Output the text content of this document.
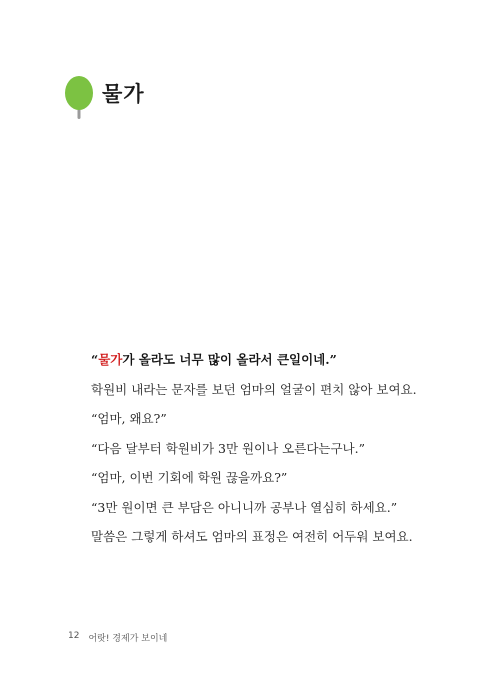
물가

“물가가 올라도 너무 많이 올라서 큰일이네.”

학원비 내라는 문자를 보던 엄마의 얼굴이 편치 않아 보여요.

“엄마, 왜요?”

“다음 달부터 학원비가 3만 원이나 오른다는구나.”

“엄마, 이번 기회에 학원 끊을까요?”

“3만 원이면 큰 부담은 아니니까 공부나 열심히 하세요.”

말씀은 그렇게 하셔도 엄마의 표정은 여전히 어두워 보여요.

12 어랏! 경제가 보이네
